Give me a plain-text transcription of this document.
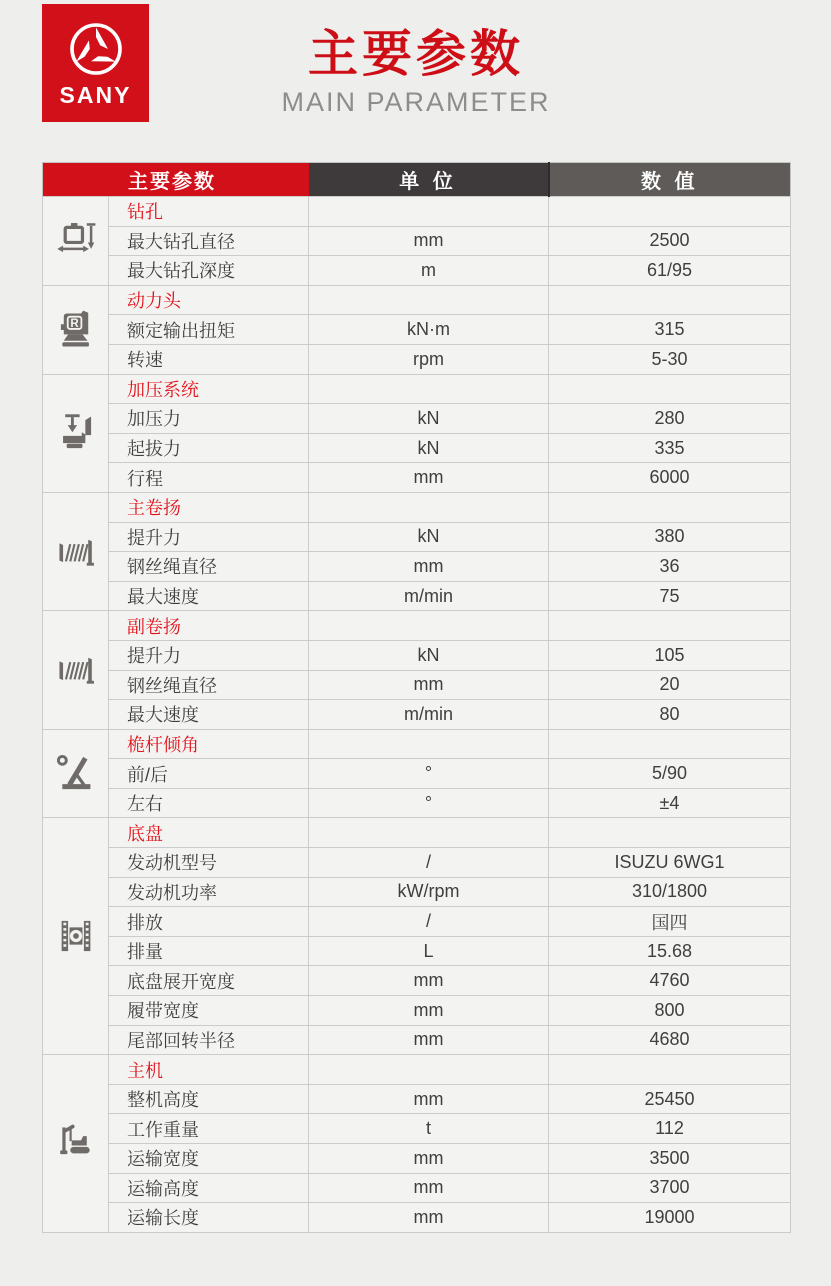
SANY
主要参数
MAIN PARAMETER
主要参数		单 位	数 值
	钻孔		
	最大钻孔直径	mm	2500
	最大钻孔深度	m	61/95

R	动力头		
	额定输出扭矩	kN·m	315
	转速	rpm	5-30
	加压系统		
	加压力	kN	280
	起拔力	kN	335
	行程	mm	6000
	主卷扬		
	提升力	kN	380
	钢丝绳直径	mm	36
	最大速度	m/min	75
	副卷扬		
	提升力	kN	105
	钢丝绳直径	mm	20
	最大速度	m/min	80
	桅杆倾角		
	前/后	°	5/90
	左右	°	±4
	底盘		
	发动机型号	/	ISUZU 6WG1
	发动机功率	kW/rpm	310/1800
	排放	/	国四
	排量	L	15.68
	底盘展开宽度	mm	4760
	履带宽度	mm	800
	尾部回转半径	mm	4680
	主机		
	整机高度	mm	25450
	工作重量	t	112
	运输宽度	mm	3500
	运输高度	mm	3700
	运输长度	mm	19000
